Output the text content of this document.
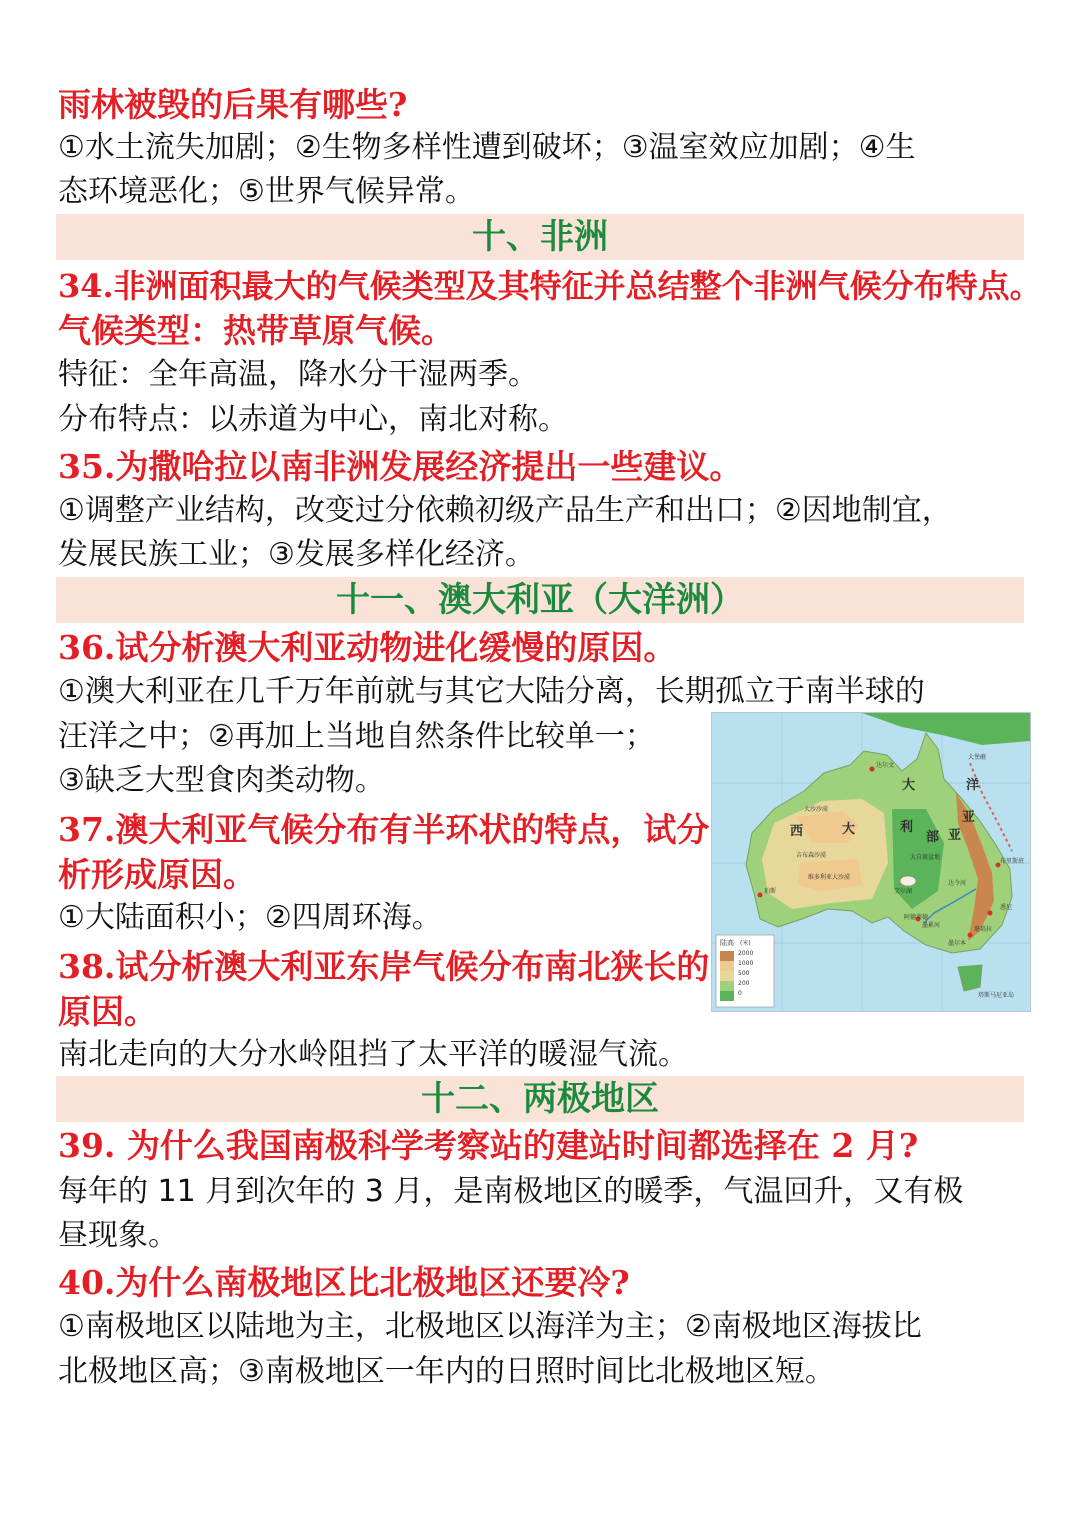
雨林被毁的后果有哪些?
①水土流失加剧；②生物多样性遭到破坏；③温室效应加剧；④生
态环境恶化；⑤世界气候异常。
十、非洲
34.非洲面积最大的气候类型及其特征并总结整个非洲气候分布特点。
气候类型：热带草原气候。
特征：全年高温，降水分干湿两季。
分布特点：以赤道为中心，南北对称。
35.为撒哈拉以南非洲发展经济提出一些建议。
①调整产业结构，改变过分依赖初级产品生产和出口；②因地制宜，
发展民族工业；③发展多样化经济。
十一、澳大利亚（大洋洲）
36.试分析澳大利亚动物进化缓慢的原因。
①澳大利亚在几千万年前就与其它大陆分离，长期孤立于南半球的
汪洋之中；②再加上当地自然条件比较单一；
③缺乏大型食肉类动物。
37.澳大利亚气候分布有半环状的特点，试分
析形成原因。
①大陆面积小；②四周环海。
38.试分析澳大利亚东岸气候分布南北狭长的
原因。
南北走向的大分水岭阻挡了太平洋的暖湿气流。
十二、两极地区
39. 为什么我国南极科学考察站的建站时间都选择在 2 月?
每年的 11 月到次年的 3 月，是南极地区的暖季，气温回升，又有极
昼现象。
40.为什么南极地区比北极地区还要冷?
①南极地区以陆地为主，北极地区以海洋为主；②南极地区海拔比
北极地区高；③南极地区一年内的日照时间比北极地区短。
大
利
亚
西	部
洋
大	亚
大沙沙漠
吉布森沙漠
维多利亚大沙漠
大自流盆地
艾尔湖
达令河
墨累河
塔斯马尼亚岛
大堡礁
悉尼
墨尔本
珀斯
布里斯班
阿德莱德
达尔文
堪培拉
陆高 (米)
2000
1000
500
200
0
